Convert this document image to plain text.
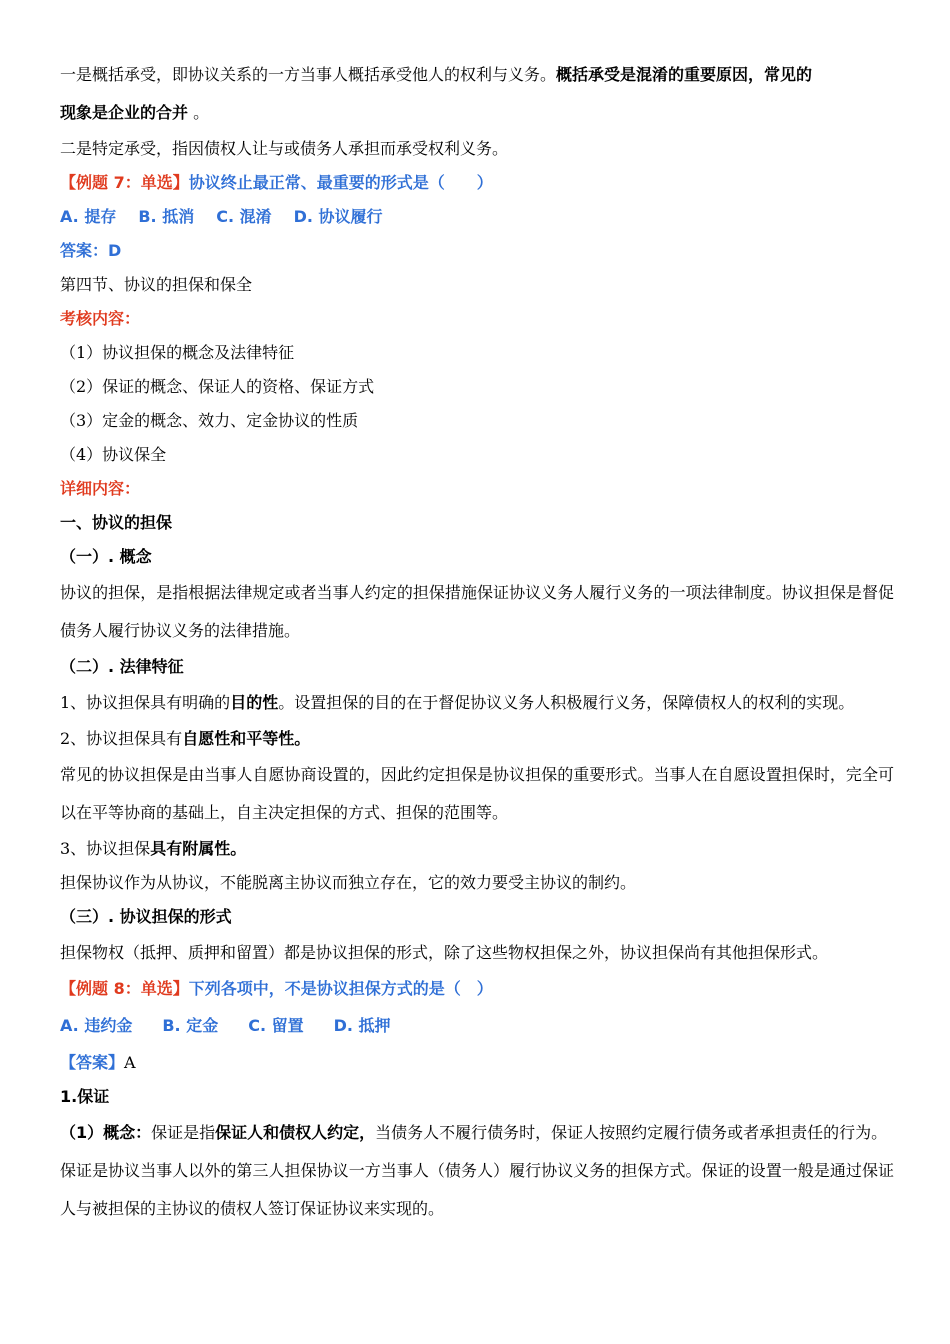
一是概括承受，即协议关系的一方当事人概括承受他人的权利与义务。概括承受是混淆的重要原因，常见的
现象是企业的合并 。
二是特定承受，指因债权人让与或债务人承担而承受权利义务。
【例题 7：单选】协议终止最正常、最重要的形式是（　　）
A. 提存 B. 抵消 C. 混淆 D. 协议履行
答案：D
第四节、协议的担保和保全
考核内容：
（1）协议担保的概念及法律特征
（2）保证的概念、保证人的资格、保证方式
（3）定金的概念、效力、定金协议的性质
（4）协议保全
详细内容：
一、协议的担保
（一）. 概念
协议的担保，是指根据法律规定或者当事人约定的担保措施保证协议义务人履行义务的一项法律制度。协议担保是督促债务人履行协议义务的法律措施。
（二）. 法律特征
1、协议担保具有明确的目的性。设置担保的目的在于督促协议义务人积极履行义务，保障债权人的权利的实现。
2、协议担保具有自愿性和平等性。
常见的协议担保是由当事人自愿协商设置的，因此约定担保是协议担保的重要形式。当事人在自愿设置担保时，完全可以在平等协商的基础上，自主决定担保的方式、担保的范围等。
3、协议担保具有附属性。
担保协议作为从协议，不能脱离主协议而独立存在，它的效力要受主协议的制约。
（三）. 协议担保的形式
担保物权（抵押、质押和留置）都是协议担保的形式，除了这些物权担保之外，协议担保尚有其他担保形式。
【例题 8：单选】下列各项中，不是协议担保方式的是（　）
A. 违约金 B. 定金 C. 留置 D. 抵押
【答案】A
1.保证
（1）概念：保证是指保证人和债权人约定，当债务人不履行债务时，保证人按照约定履行债务或者承担责任的行为。
保证是协议当事人以外的第三人担保协议一方当事人（债务人）履行协议义务的担保方式。保证的设置一般是通过保证人与被担保的主协议的债权人签订保证协议来实现的。
